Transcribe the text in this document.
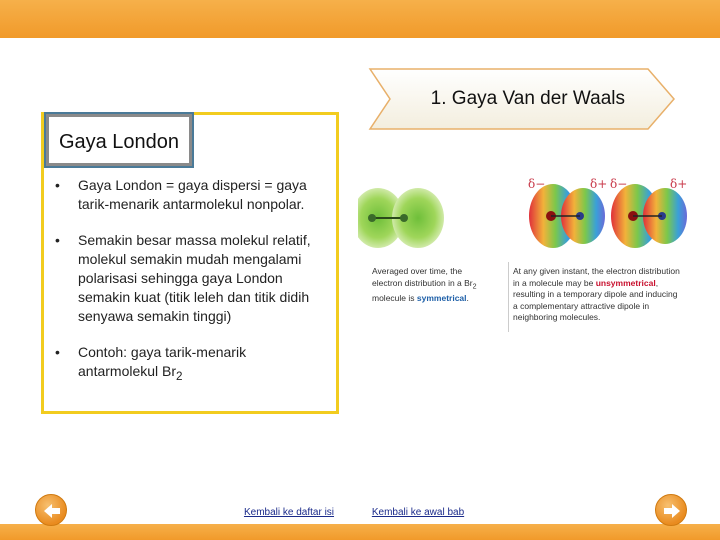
1. Gaya Van der Waals
Gaya London
• Gaya London = gaya dispersi = gaya tarik-menarik antarmolekul nonpolar.
• Semakin besar massa molekul relatif, molekul semakin mudah mengalami polarisasi sehingga gaya London semakin kuat (titik leleh dan titik didih senyawa semakin tinggi)
• Contoh: gaya tarik-menarik antarmolekul $Br_2$
δ−	δ+ δ−	δ+
Averaged over time, the
electron distribution in a $Br_2$
molecule is symmetrical.
At any given instant, the electron distribution
in a molecule may be unsymmetrical,
resulting in a temporary dipole and inducing
a complementary attractive dipole in
neighboring molecules.
Kembali ke daftar isi	Kembali ke awal bab
